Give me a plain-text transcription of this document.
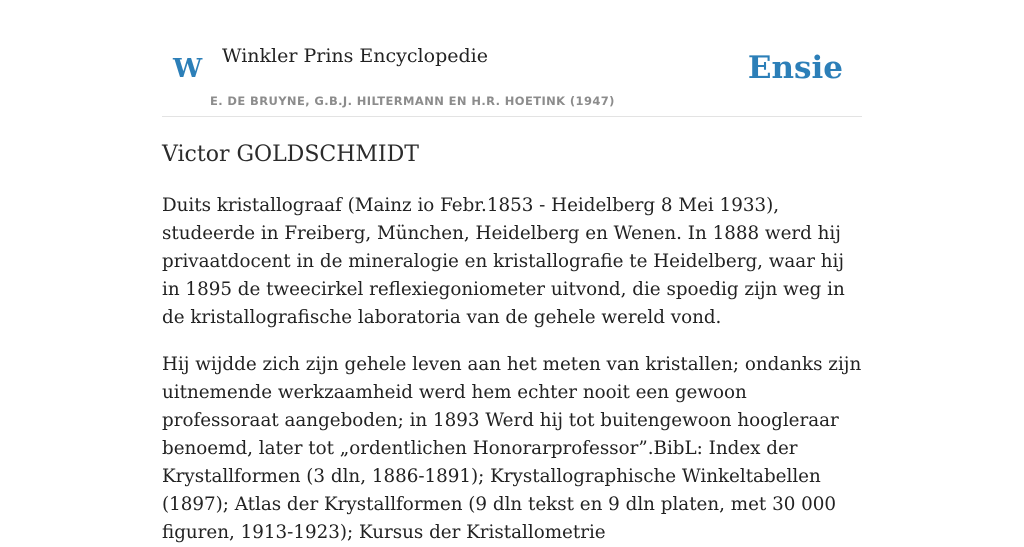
W Winkler Prins Encyclopedie
E. DE BRUYNE, G.B.J. HILTERMANN EN H.R. HOETINK (1947)
Ensie
Victor GOLDSCHMIDT

Duits kristallograaf (Mainz io Febr.1853 - Heidelberg 8 Mei 1933), studeerde in Freiberg, München, Heidelberg en Wenen. In 1888 werd hij privaatdocent in de mineralogie en kristallografie te Heidelberg, waar hij in 1895 de tweecirkel reflexiegoniometer uitvond, die spoedig zijn weg in de kristallografische laboratoria van de gehele wereld vond.

Hij wijdde zich zijn gehele leven aan het meten van kristallen; ondanks zijn uitnemende werkzaamheid werd hem echter nooit een gewoon professoraat aangeboden; in 1893 Werd hij tot buitengewoon hoogleraar benoemd, later tot „ordentlichen Honorarprofessor”.BibL: Index der Krystallformen (3 dln, 1886-1891); Krystallographische Winkeltabellen (1897); Atlas der Krystallformen (9 dln tekst en 9 dln platen, met 30 000 figuren, 1913-1923); Kursus der Kristallometrie
